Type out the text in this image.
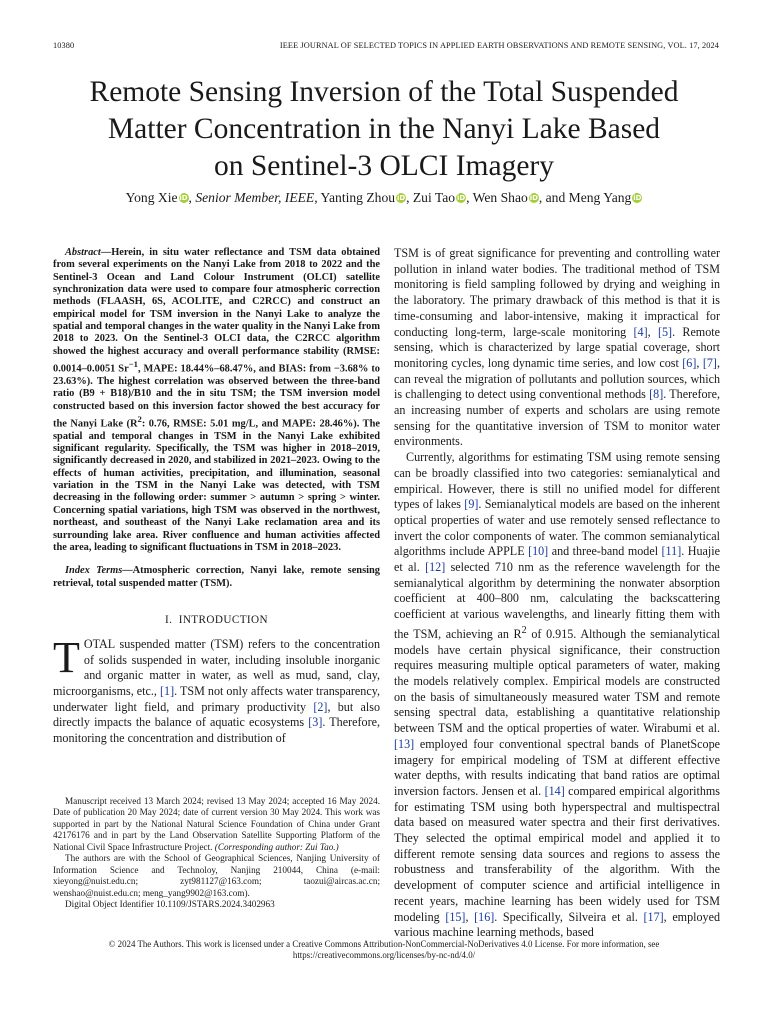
10380	IEEE JOURNAL OF SELECTED TOPICS IN APPLIED EARTH OBSERVATIONS AND REMOTE SENSING, VOL. 17, 2024
Remote Sensing Inversion of the Total Suspended
Matter Concentration in the Nanyi Lake Based
on Sentinel-3 OLCI Imagery
Yong Xie iD, Senior Member, IEEE, Yanting Zhou iD, Zui Tao iD, Wen Shao iD, and Meng Yang iD

Abstract—Herein, in situ water reflectance and TSM data obtained from several experiments on the Nanyi Lake from 2018 to 2022 and the Sentinel-3 Ocean and Land Colour Instrument (OLCI) satellite synchronization data were used to compare four atmospheric correction methods (FLAASH, 6S, ACOLITE, and C2RCC) and construct an empirical model for TSM inversion in the Nanyi Lake to analyze the spatial and temporal changes in the water quality in the Nanyi Lake from 2018 to 2023. On the Sentinel-3 OLCI data, the C2RCC algorithm showed the highest accuracy and overall performance stability (RMSE: 0.0014–0.0051 $Sr^{-1}$, MAPE: 18.44%–68.47%, and BIAS: from −3.68% to 23.63%). The highest correlation was observed between the three-band ratio (B9 + B18)/B10 and the in situ TSM; the TSM inversion model constructed based on this inversion factor showed the best accuracy for the Nanyi Lake ($R^2$: 0.76, RMSE: 5.01 mg/L, and MAPE: 28.46%). The spatial and temporal changes in TSM in the Nanyi Lake exhibited significant regularity. Specifically, the TSM was higher in 2018–2019, significantly decreased in 2020, and stabilized in 2021–2023. Owing to the effects of human activities, precipitation, and illumination, seasonal variation in the TSM in the Nanyi Lake was detected, with TSM decreasing in the following order: summer > autumn > spring > winter. Concerning spatial variations, high TSM was observed in the northwest, northeast, and southeast of the Nanyi Lake reclamation area and its surrounding lake area. River confluence and human activities affected the area, leading to significant fluctuations in TSM in 2018–2023.

Index Terms—Atmospheric correction, Nanyi lake, remote sensing retrieval, total suspended matter (TSM).

I. INTRODUCTION

TOTAL suspended matter (TSM) refers to the concentration of solids suspended in water, including insoluble inorganic and organic matter in water, as well as mud, sand, clay, microorganisms, etc., [1]. TSM not only affects water transparency, underwater light field, and primary productivity [2], but also directly impacts the balance of aquatic ecosystems [3]. Therefore, monitoring the concentration and distribution of

Manuscript received 13 March 2024; revised 13 May 2024; accepted 16 May 2024. Date of publication 20 May 2024; date of current version 30 May 2024. This work was supported in part by the National Natural Science Foundation of China under Grant 42176176 and in part by the Land Observation Satellite Supporting Platform of the National Civil Space Infrastructure Project. (Corresponding author: Zui Tao.)

The authors are with the School of Geographical Sciences, Nanjing University of Information Science and Technoloy, Nanjing 210044, China (e-mail: xieyong@nuist.edu.cn; zyt981127@163.com; taozui@aircas.ac.cn; wenshao@nuist.edu.cn; meng_yang9902@163.com).

Digital Object Identifier 10.1109/JSTARS.2024.3402963

TSM is of great significance for preventing and controlling water pollution in inland water bodies. The traditional method of TSM monitoring is field sampling followed by drying and weighing in the laboratory. The primary drawback of this method is that it is time-consuming and labor-intensive, making it impractical for conducting long-term, large-scale monitoring [4], [5]. Remote sensing, which is characterized by large spatial coverage, short monitoring cycles, long dynamic time series, and low cost [6], [7], can reveal the migration of pollutants and pollution sources, which is challenging to detect using conventional methods [8]. Therefore, an increasing number of experts and scholars are using remote sensing for the quantitative inversion of TSM to monitor water environments.

Currently, algorithms for estimating TSM using remote sensing can be broadly classified into two categories: semianalytical and empirical. However, there is still no unified model for different types of lakes [9]. Semianalytical models are based on the inherent optical properties of water and use remotely sensed reflectance to invert the color components of water. The common semianalytical algorithms include APPLE [10] and three-band model [11]. Huajie et al. [12] selected 710 nm as the reference wavelength for the semianalytical algorithm by determining the nonwater absorption coefficient at 400–800 nm, calculating the backscattering coefficient at various wavelengths, and linearly fitting them with the TSM, achieving an $R^2$ of 0.915. Although the semianalytical models have certain physical significance, their construction requires measuring multiple optical parameters of water, making the models relatively complex. Empirical models are constructed on the basis of simultaneously measured water TSM and remote sensing spectral data, establishing a quantitative relationship between TSM and the optical properties of water. Wirabumi et al. [13] employed four conventional spectral bands of PlanetScope imagery for empirical modeling of TSM at different effective water depths, with results indicating that band ratios are optimal inversion factors. Jensen et al. [14] compared empirical algorithms for estimating TSM using both hyperspectral and multispectral data based on measured water spectra and their first derivatives. They selected the optimal empirical model and applied it to different remote sensing data sources and regions to assess the robustness and transferability of the algorithm. With the development of computer science and artificial intelligence in recent years, machine learning has been widely used for TSM modeling [15], [16]. Specifically, Silveira et al. [17], employed various machine learning methods, based

© 2024 The Authors. This work is licensed under a Creative Commons Attribution-NonCommercial-NoDerivatives 4.0 License. For more information, see
https://creativecommons.org/licenses/by-nc-nd/4.0/
